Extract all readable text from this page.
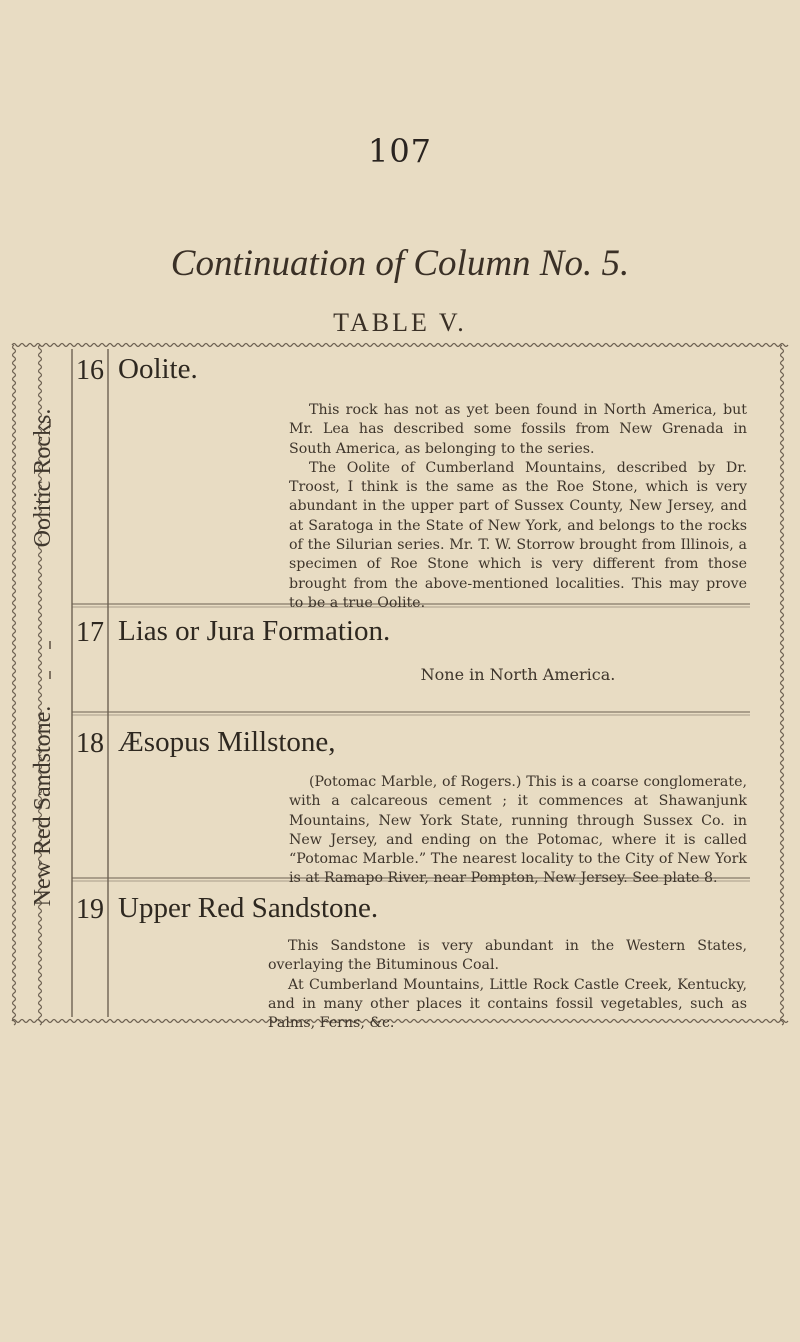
107
Continuation of Column No. 5.
TABLE V.
Oolitic Rocks.
New Red Sandstone.
16 Oolite.

This rock has not as yet been found in North America, but Mr. Lea has described some fossils from New Grenada in South America, as belonging to the series.

The Oolite of Cumberland Mountains, described by Dr. Troost, I think is the same as the Roe Stone, which is very abundant in the upper part of Sussex County, New Jersey, and at Saratoga in the State of New York, and belongs to the rocks of the Silurian series. Mr. T. W. Storrow brought from Illinois, a specimen of Roe Stone which is very different from those brought from the above-mentioned localities. This may prove to be a true Oolite.

17 Lias or Jura Formation.

None in North America.

18 Æsopus Millstone,

(Potomac Marble, of Rogers.) This is a coarse conglomerate, with a calcareous cement ; it commences at Shawanjunk Mountains, New York State, running through Sussex Co. in New Jersey, and ending on the Potomac, where it is called “Potomac Marble.” The nearest locality to the City of New York is at Ramapo River, near Pompton, New Jersey. See plate 8.

19 Upper Red Sandstone.

This Sandstone is very abundant in the Western States, overlaying the Bituminous Coal.

At Cumberland Mountains, Little Rock Castle Creek, Kentucky, and in many other places it contains fossil vegetables, such as Palms, Ferns, &c.
